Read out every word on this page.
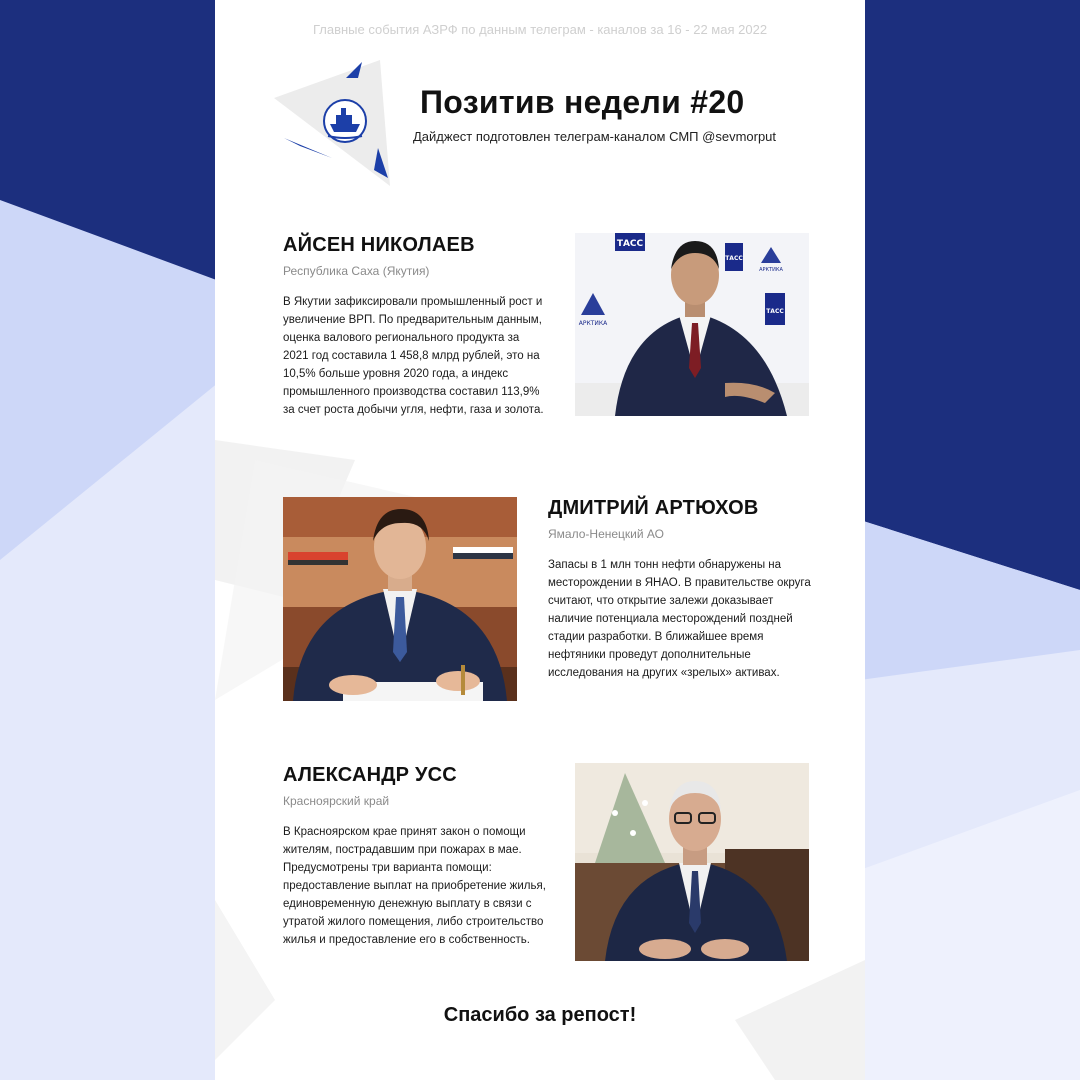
Главные события АЗРФ по данным телеграм - каналов за 16 - 22 мая 2022
Позитив недели #20
Дайджест подготовлен телеграм-каналом СМП @sevmorput
АЙСЕН НИКОЛАЕВ
Республика Саха (Якутия)

В Якутии зафиксировали промышленный рост и увеличение ВРП. По предварительным данным, оценка валового регионального продукта за 2021 год составила 1 458,8 млрд рублей, это на 10,5% больше уровня 2020 года, а индекс промышленного производства составил 113,9% за счет роста добычи угля, нефти, газа и золота.

ТАСС
ТАСС
ТАСС
АРКТИКА
АРКТИКА
ДМИТРИЙ АРТЮХОВ
Ямало-Ненецкий АО

Запасы в 1 млн тонн нефти обнаружены на месторождении в ЯНАО. В правительстве округа считают, что открытие залежи доказывает наличие потенциала месторождений поздней стадии разработки. В ближайшее время нефтяники проведут дополнительные исследования на других «зрелых» активах.

АЛЕКСАНДР УСС
Красноярский край

В Красноярском крае принят закон о помощи жителям, пострадавшим при пожарах в мае. Предусмотрены три варианта помощи: предоставление выплат на приобретение жилья, единовременную денежную выплату в связи с утратой жилого помещения, либо строительство жилья и предоставление его в собственность.

Спасибо за репост!
